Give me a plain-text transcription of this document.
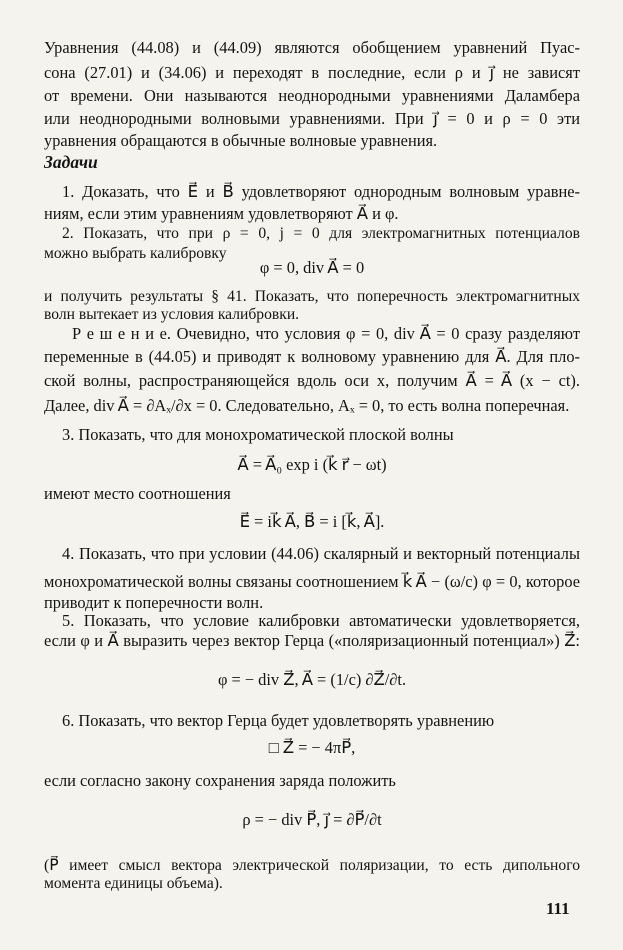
Уравнения (44.08) и (44.09) являются обобщением уравнений Пуас-
сона (27.01) и (34.06) и переходят в последние, если ρ и j⃗ не зависят
от времени. Они называются неоднородными уравнениями Даламбера
или неоднородными волновыми уравнениями. При j⃗ = 0 и ρ = 0 эти
уравнения обращаются в обычные волновые уравнения.
Задачи
1. Доказать, что E⃗ и B⃗ удовлетворяют однородным волновым уравне-
ниям, если этим уравнениям удовлетворяют A⃗ и φ.
2. Показать, что при ρ = 0, j = 0 для электромагнитных потенциалов
можно выбрать калибровку
φ = 0, div A⃗ = 0
и получить результаты § 41. Показать, что поперечность электромагнитных
волн вытекает из условия калибровки.
Р е ш е н и е. Очевидно, что условия φ = 0, div A⃗ = 0 сразу разделяют
переменные в (44.05) и приводят к волновому уравнению для A⃗. Для пло-
ской волны, распространяющейся вдоль оси x, получим A⃗ = A⃗ (x − ct).
Далее, div A⃗ = ∂Aₓ/∂x = 0. Следовательно, Aₓ = 0, то есть волна поперечная.
3. Показать, что для монохроматической плоской волны
A⃗ = A⃗₀ exp i (k⃗ r⃗ − ωt)
имеют место соотношения
E⃗ = ik⃗ A⃗, B⃗ = i [k⃗, A⃗].
4. Показать, что при условии (44.06) скалярный и векторный потенциалы
монохроматической волны связаны соотношением k⃗ A⃗ − (ω/c) φ = 0, которое
приводит к поперечности волн.
5. Показать, что условие калибровки автоматически удовлетворяется,
если φ и A⃗ выразить через вектор Герца («поляризационный потенциал») Z⃗:
φ = − div Z⃗, A⃗ = (1/c) ∂Z⃗/∂t.
6. Показать, что вектор Герца будет удовлетворять уравнению
□ Z⃗ = − 4πP⃗,
если согласно закону сохранения заряда положить
ρ = − div P⃗, j⃗ = ∂P⃗/∂t
(P⃗ имеет смысл вектора электрической поляризации, то есть дипольного
момента единицы объема).
111
